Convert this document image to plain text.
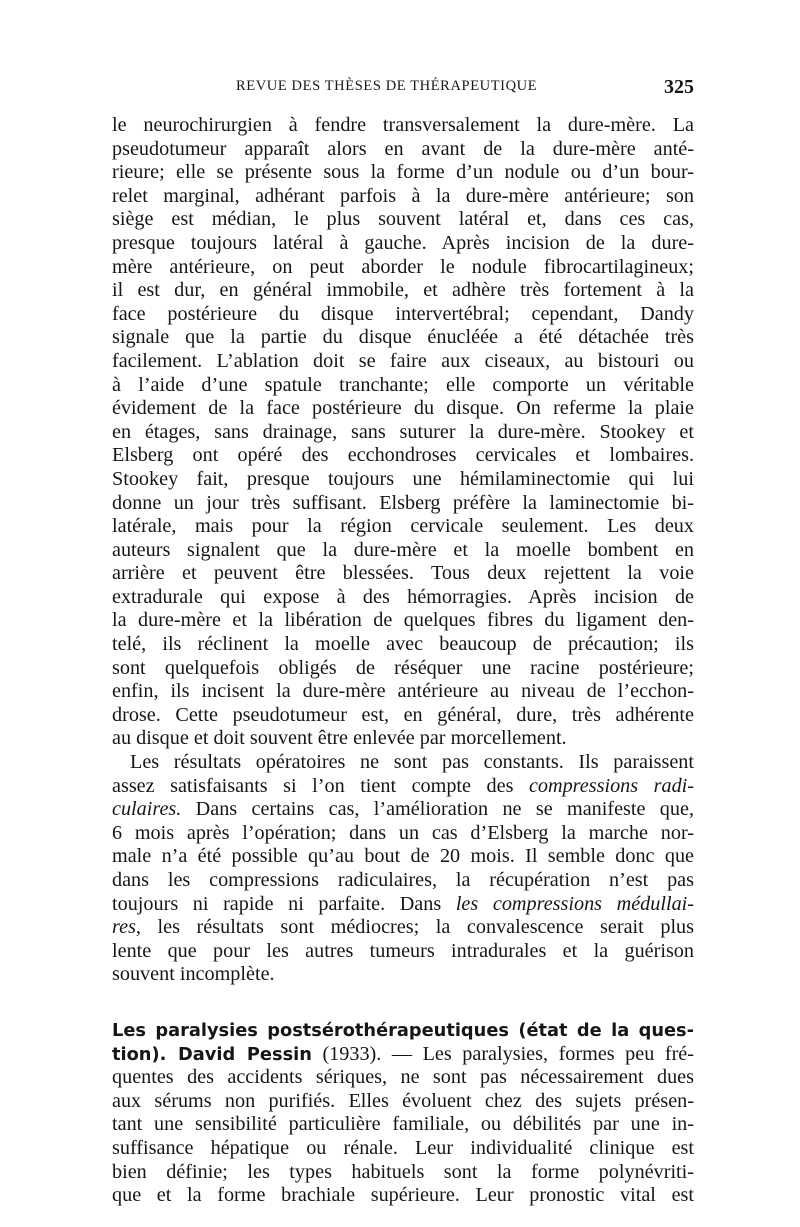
REVUE DES THÈSES DE THÉRAPEUTIQUE	325
le neurochirurgien à fendre transversalement la dure-mère. La
pseudotumeur apparaît alors en avant de la dure-mère anté-
rieure; elle se présente sous la forme d’un nodule ou d’un bour-
relet marginal, adhérant parfois à la dure-mère antérieure; son
siège est médian, le plus souvent latéral et, dans ces cas,
presque toujours latéral à gauche. Après incision de la dure-
mère antérieure, on peut aborder le nodule fibrocartilagineux;
il est dur, en général immobile, et adhère très fortement à la
face postérieure du disque intervertébral; cependant, Dandy
signale que la partie du disque énucléée a été détachée très
facilement. L’ablation doit se faire aux ciseaux, au bistouri ou
à l’aide d’une spatule tranchante; elle comporte un véritable
évidement de la face postérieure du disque. On referme la plaie
en étages, sans drainage, sans suturer la dure-mère. Stookey et
Elsberg ont opéré des ecchondroses cervicales et lombaires.
Stookey fait, presque toujours une hémilaminectomie qui lui
donne un jour très suffisant. Elsberg préfère la laminectomie bi-
latérale, mais pour la région cervicale seulement. Les deux
auteurs signalent que la dure-mère et la moelle bombent en
arrière et peuvent être blessées. Tous deux rejettent la voie
extradurale qui expose à des hémorragies. Après incision de
la dure-mère et la libération de quelques fibres du ligament den-
telé, ils réclinent la moelle avec beaucoup de précaution; ils
sont quelquefois obligés de réséquer une racine postérieure;
enfin, ils incisent la dure-mère antérieure au niveau de l’ecchon-
drose. Cette pseudotumeur est, en général, dure, très adhérente
au disque et doit souvent être enlevée par morcellement.
Les résultats opératoires ne sont pas constants. Ils paraissent
assez satisfaisants si l’on tient compte des compressions radi-
culaires. Dans certains cas, l’amélioration ne se manifeste que,
6 mois après l’opération; dans un cas d’Elsberg la marche nor-
male n’a été possible qu’au bout de 20 mois. Il semble donc que
dans les compressions radiculaires, la récupération n’est pas
toujours ni rapide ni parfaite. Dans les compressions médullai-
res, les résultats sont médiocres; la convalescence serait plus
lente que pour les autres tumeurs intradurales et la guérison
souvent incomplète.
Les paralysies postsérothérapeutiques (état de la ques-
tion). David Pessin (1933). — Les paralysies, formes peu fré-
quentes des accidents sériques, ne sont pas nécessairement dues
aux sérums non purifiés. Elles évoluent chez des sujets présen-
tant une sensibilité particulière familiale, ou débilités par une in-
suffisance hépatique ou rénale. Leur individualité clinique est
bien définie; les types habituels sont la forme polynévriti-
que et la forme brachiale supérieure. Leur pronostic vital est
